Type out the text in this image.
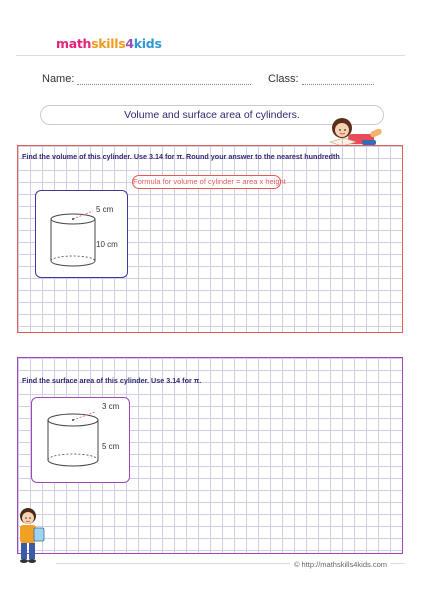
mathskills4kids
Name:	Class:
Volume and surface area of cylinders.
Find the volume of this cylinder. Use 3.14 for π. Round your answer to the nearest hundredth
Formula for volume of cylinder = area x height
5 cm
10 cm
Find the surface area of this cylinder. Use 3.14 for π.
3 cm
5 cm
© http://mathskills4kids.com
